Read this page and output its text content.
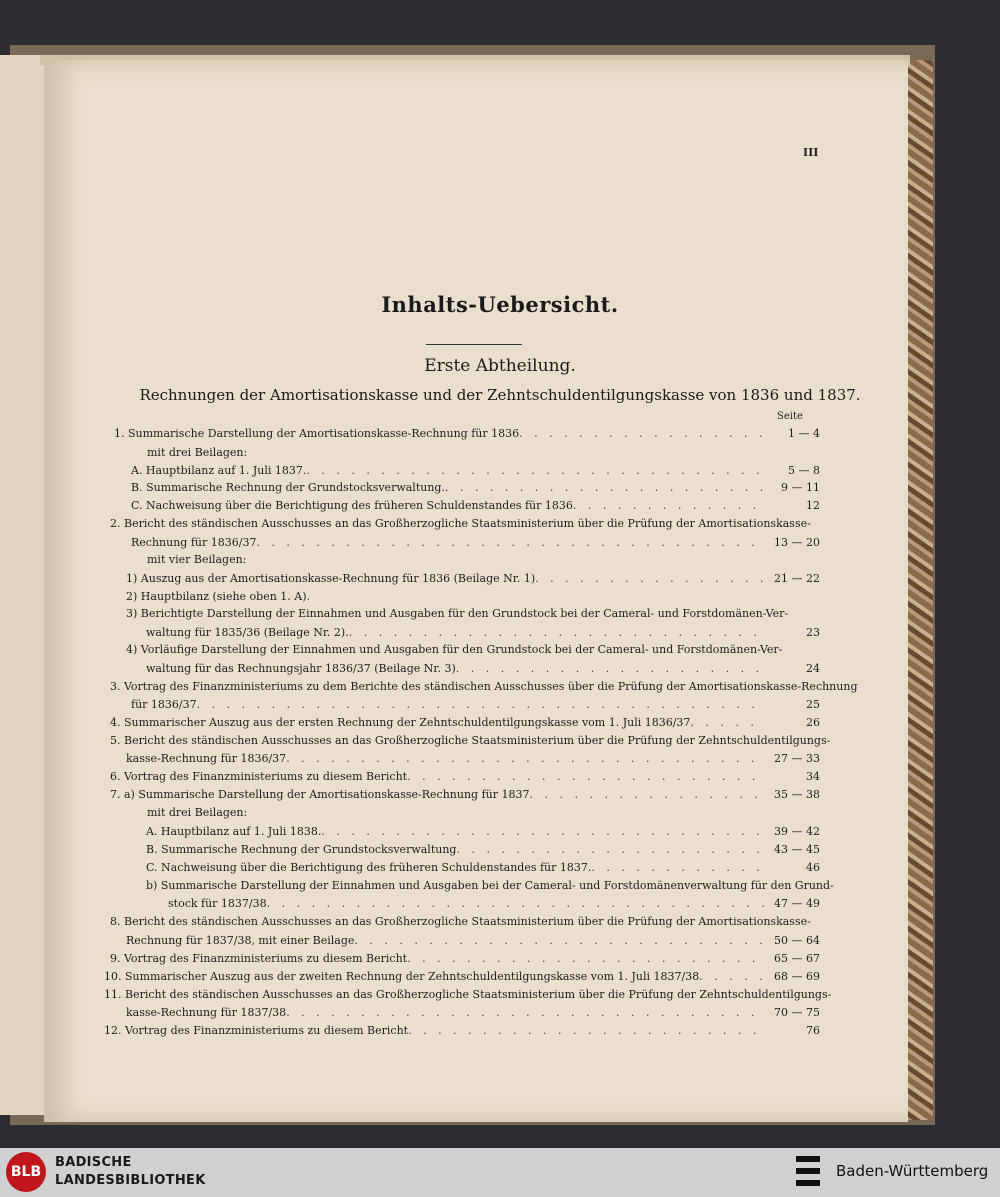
III
Inhalts-Uebersicht.
Erste Abtheilung.
Rechnungen der Amortisationskasse und der Zehntschuldentilgungskasse von 1836 und 1837.
Seite
1. Summarische Darstellung der Amortisationskasse-Rechnung für 1836 . . .	1 — 4
mit drei Beilagen:
A. Hauptbilanz auf 1. Juli 1837. . . .	5 — 8
B. Summarische Rechnung der Grundstocksverwaltung. . . .	9 — 11
C. Nachweisung über die Berichtigung des früheren Schuldenstandes für 1836 . . .	12
2. Bericht des ständischen Ausschusses an das Großherzogliche Staatsministerium über die Prüfung der Amortisationskasse-
Rechnung für 1836/37 . . .	13 — 20
mit vier Beilagen:
1) Auszug aus der Amortisationskasse-Rechnung für 1836 (Beilage Nr. 1) . . .	21 — 22
2) Hauptbilanz (siehe oben 1. A).
3) Berichtigte Darstellung der Einnahmen und Ausgaben für den Grundstock bei der Cameral- und Forstdomänen-Ver-
waltung für 1835/36 (Beilage Nr. 2). . . .	23
4) Vorläufige Darstellung der Einnahmen und Ausgaben für den Grundstock bei der Cameral- und Forstdomänen-Ver-
waltung für das Rechnungsjahr 1836/37 (Beilage Nr. 3) . . .	24
3. Vortrag des Finanzministeriums zu dem Berichte des ständischen Ausschusses über die Prüfung der Amortisationskasse-Rechnung
für 1836/37 . . .	25
4. Summarischer Auszug aus der ersten Rechnung der Zehntschuldentilgungskasse vom 1. Juli 1836/37 . . .	26
5. Bericht des ständischen Ausschusses an das Großherzogliche Staatsministerium über die Prüfung der Zehntschuldentilgungs-
kasse-Rechnung für 1836/37 . . .	27 — 33
6. Vortrag des Finanzministeriums zu diesem Bericht . . .	34
7. a) Summarische Darstellung der Amortisationskasse-Rechnung für 1837 . . .	35 — 38
mit drei Beilagen:
A. Hauptbilanz auf 1. Juli 1838. . . .	39 — 42
B. Summarische Rechnung der Grundstocksverwaltung . . .	43 — 45
C. Nachweisung über die Berichtigung des früheren Schuldenstandes für 1837. . . .	46
b) Summarische Darstellung der Einnahmen und Ausgaben bei der Cameral- und Forstdomänenverwaltung für den Grund-
stock für 1837/38 . . .	47 — 49
8. Bericht des ständischen Ausschusses an das Großherzogliche Staatsministerium über die Prüfung der Amortisationskasse-
Rechnung für 1837/38, mit einer Beilage . . .	50 — 64
9. Vortrag des Finanzministeriums zu diesem Bericht . . .	65 — 67
10. Summarischer Auszug aus der zweiten Rechnung der Zehntschuldentilgungskasse vom 1. Juli 1837/38 . . .	68 — 69
11. Bericht des ständischen Ausschusses an das Großherzogliche Staatsministerium über die Prüfung der Zehntschuldentilgungs-
kasse-Rechnung für 1837/38 . . .	70 — 75
12. Vortrag des Finanzministeriums zu diesem Bericht . . .	76
BLB
BADISCHE
LANDESBIBLIOTHEK
Baden-Württemberg
